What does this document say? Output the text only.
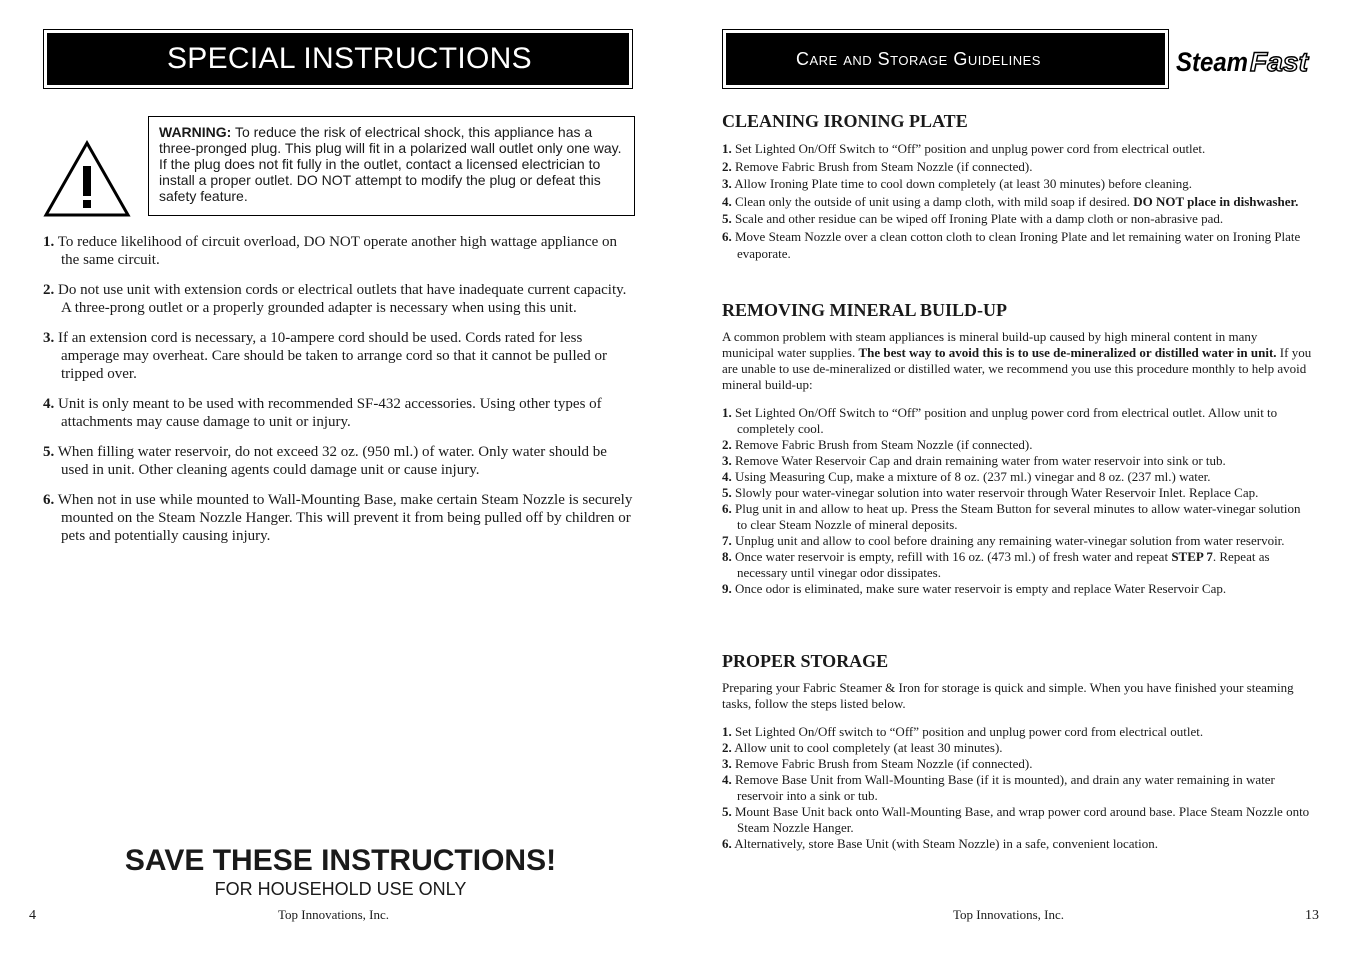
SPECIAL INSTRUCTIONS
WARNING: To reduce the risk of electrical shock, this appliance has a three-pronged plug. This plug will fit in a polarized wall outlet only one way. If the plug does not fit fully in the outlet, contact a licensed electrician to install a proper outlet. DO NOT attempt to modify the plug or defeat this safety feature.
1. To reduce likelihood of circuit overload, DO NOT operate another high wattage appliance on the same circuit.
2. Do not use unit with extension cords or electrical outlets that have inadequate current capacity. A three-prong outlet or a properly grounded adapter is necessary when using this unit.
3. If an extension cord is necessary, a 10-ampere cord should be used. Cords rated for less amperage may overheat. Care should be taken to arrange cord so that it cannot be pulled or tripped over.
4. Unit is only meant to be used with recommended SF-432 accessories. Using other types of attachments may cause damage to unit or injury.
5. When filling water reservoir, do not exceed 32 oz. (950 ml.) of water. Only water should be used in unit. Other cleaning agents could damage unit or cause injury.
6. When not in use while mounted to Wall-Mounting Base, make certain Steam Nozzle is securely mounted on the Steam Nozzle Hanger. This will prevent it from being pulled off by children or pets and potentially causing injury.
SAVE THESE INSTRUCTIONS!
FOR HOUSEHOLD USE ONLY
4	Top Innovations, Inc.
Care and Storage Guidelines	Steam Fast
CLEANING IRONING PLATE
1. Set Lighted On/Off Switch to “Off” position and unplug power cord from electrical outlet.
2. Remove Fabric Brush from Steam Nozzle (if connected).
3. Allow Ironing Plate time to cool down completely (at least 30 minutes) before cleaning.
4. Clean only the outside of unit using a damp cloth, with mild soap if desired. DO NOT place in dishwasher.
5. Scale and other residue can be wiped off Ironing Plate with a damp cloth or non-abrasive pad.
6. Move Steam Nozzle over a clean cotton cloth to clean Ironing Plate and let remaining water on Ironing Plate evaporate.
REMOVING MINERAL BUILD-UP
A common problem with steam appliances is mineral build-up caused by high mineral content in many municipal water supplies. The best way to avoid this is to use de-mineralized or distilled water in unit. If you are unable to use de-mineralized or distilled water, we recommend you use this procedure monthly to help avoid mineral build-up:
1. Set Lighted On/Off Switch to “Off” position and unplug power cord from electrical outlet. Allow unit to completely cool.
2. Remove Fabric Brush from Steam Nozzle (if connected).
3. Remove Water Reservoir Cap and drain remaining water from water reservoir into sink or tub.
4. Using Measuring Cup, make a mixture of 8 oz. (237 ml.) vinegar and 8 oz. (237 ml.) water.
5. Slowly pour water-vinegar solution into water reservoir through Water Reservoir Inlet. Replace Cap.
6. Plug unit in and allow to heat up. Press the Steam Button for several minutes to allow water-vinegar solution to clear Steam Nozzle of mineral deposits.
7. Unplug unit and allow to cool before draining any remaining water-vinegar solution from water reservoir.
8. Once water reservoir is empty, refill with 16 oz. (473 ml.) of fresh water and repeat STEP 7. Repeat as necessary until vinegar odor dissipates.
9. Once odor is eliminated, make sure water reservoir is empty and replace Water Reservoir Cap.
PROPER STORAGE
Preparing your Fabric Steamer & Iron for storage is quick and simple. When you have finished your steaming tasks, follow the steps listed below.
1. Set Lighted On/Off switch to “Off” position and unplug power cord from electrical outlet.
2. Allow unit to cool completely (at least 30 minutes).
3. Remove Fabric Brush from Steam Nozzle (if connected).
4. Remove Base Unit from Wall-Mounting Base (if it is mounted), and drain any water remaining in water reservoir into a sink or tub.
5. Mount Base Unit back onto Wall-Mounting Base, and wrap power cord around base. Place Steam Nozzle onto Steam Nozzle Hanger.
6. Alternatively, store Base Unit (with Steam Nozzle) in a safe, convenient location.
Top Innovations, Inc.	13
